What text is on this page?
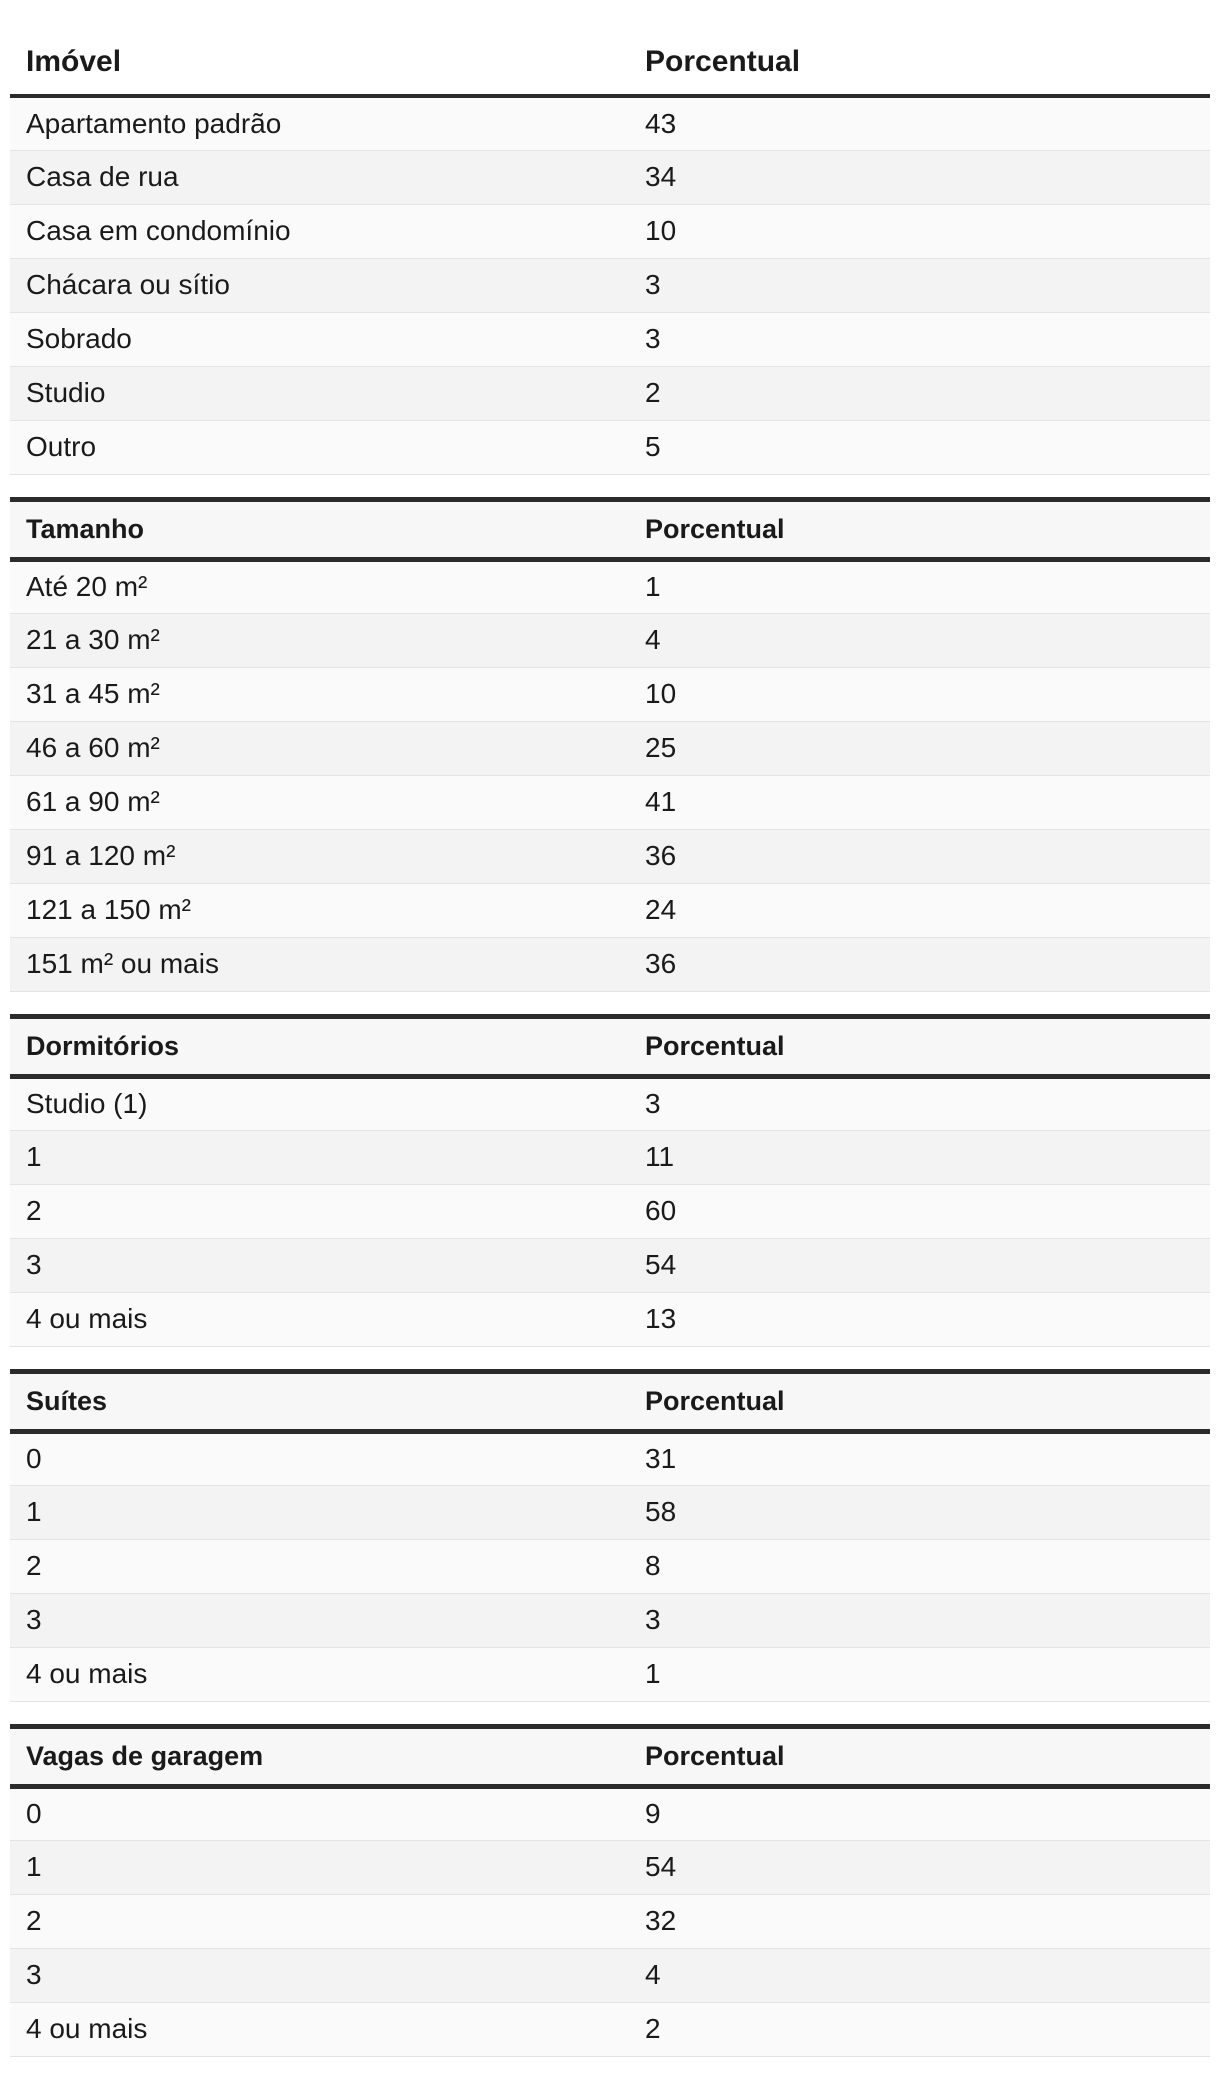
Imóvel	Porcentual
Apartamento padrão	43
Casa de rua	34
Casa em condomínio	10
Chácara ou sítio	3
Sobrado	3
Studio	2
Outro	5
Tamanho	Porcentual
Até 20 m²	1
21 a 30 m²	4
31 a 45 m²	10
46 a 60 m²	25
61 a 90 m²	41
91 a 120 m²	36
121 a 150 m²	24
151 m² ou mais	36
Dormitórios	Porcentual
Studio (1)	3
1	11
2	60
3	54
4 ou mais	13
Suítes	Porcentual
0	31
1	58
2	8
3	3
4 ou mais	1
Vagas de garagem	Porcentual
0	9
1	54
2	32
3	4
4 ou mais	2
